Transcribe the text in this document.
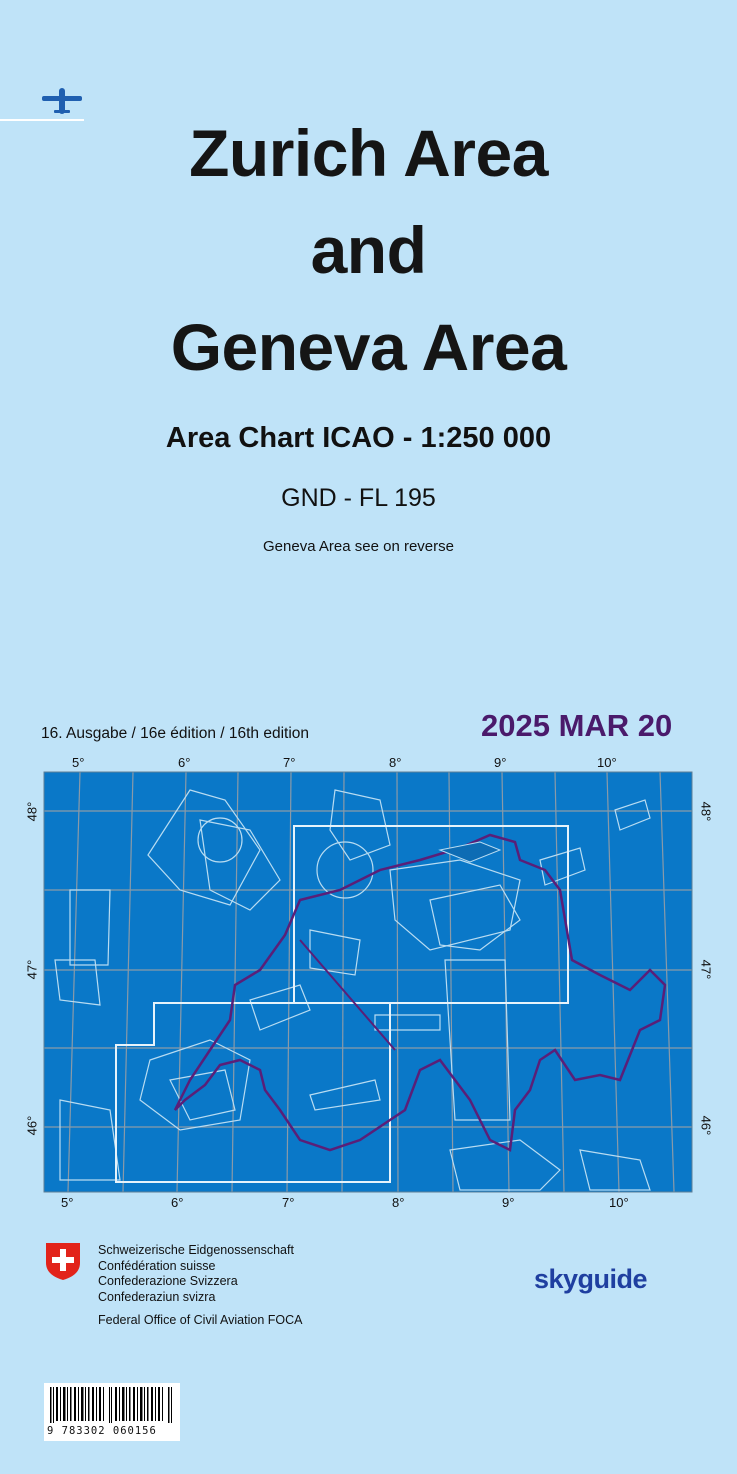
Zurich Area
and
Geneva Area
Area Chart ICAO - 1:250 000
GND - FL 195
Geneva Area see on reverse
16. Ausgabe / 16e édition / 16th edition	2025 MAR 20
5°	6°	7°	8°	9°	10°
5°	6°	7°	8°	9°	10°
48°
47°
46°
48°
47°
46°
Schweizerische Eidgenossenschaft
Confédération suisse
Confederazione Svizzera
Confederaziun svizra
Federal Office of Civil Aviation FOCA
skyguide
9 783302 060156
